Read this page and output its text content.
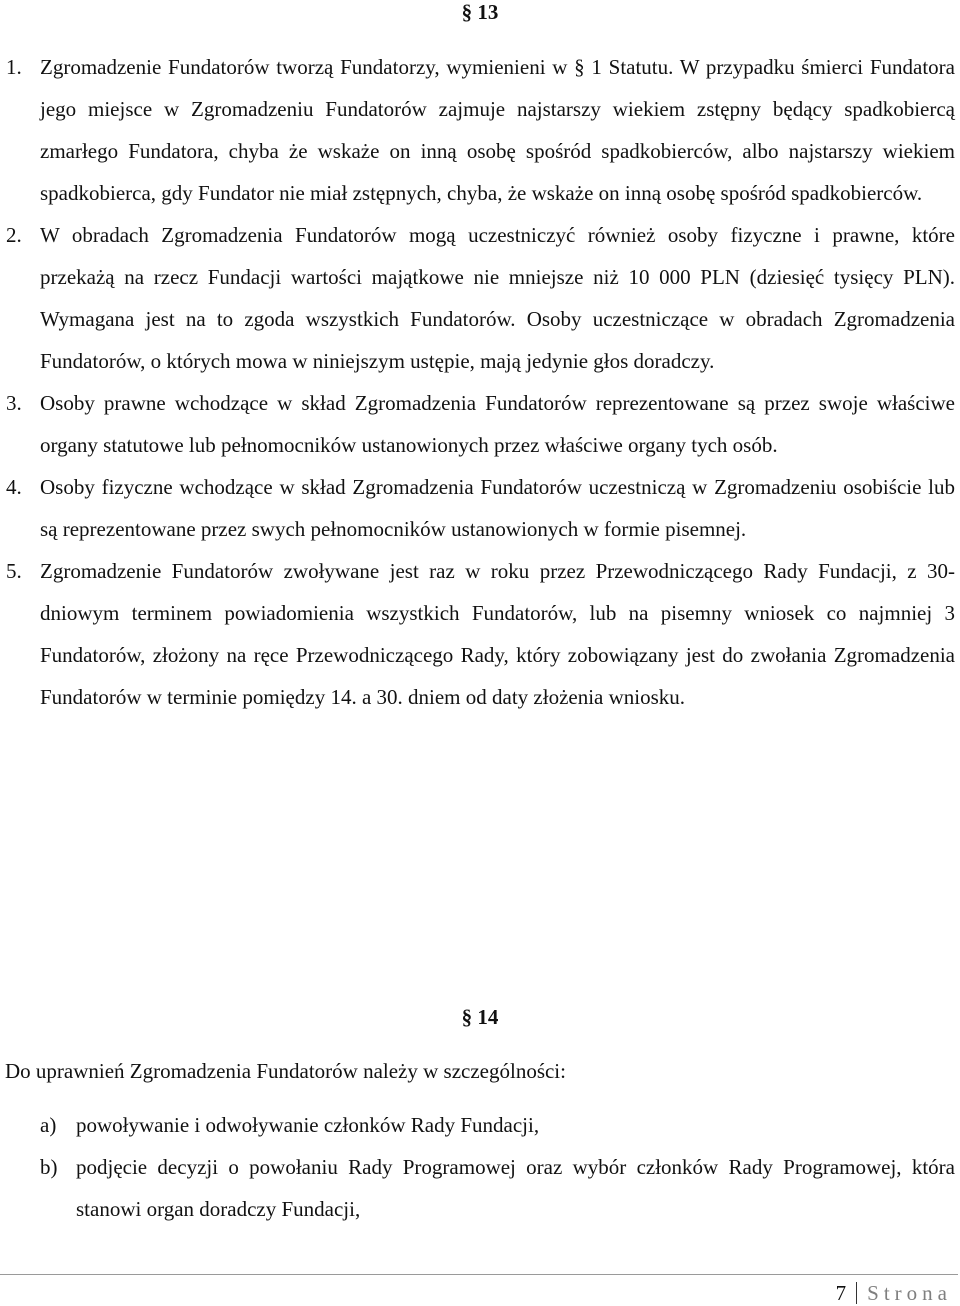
§ 13
1. Zgromadzenie Fundatorów tworzą Fundatorzy, wymienieni w § 1 Statutu. W przypadku śmierci Fundatora jego miejsce w Zgromadzeniu Fundatorów zajmuje najstarszy wiekiem zstępny będący spadkobiercą zmarłego Fundatora, chyba że wskaże on inną osobę spośród spadkobierców, albo najstarszy wiekiem spadkobierca, gdy Fundator nie miał zstępnych, chyba, że wskaże on inną osobę spośród spadkobierców.
2. W obradach Zgromadzenia Fundatorów mogą uczestniczyć również osoby fizyczne i prawne, które przekażą na rzecz Fundacji wartości majątkowe nie mniejsze niż 10 000 PLN (dziesięć tysięcy PLN). Wymagana jest na to zgoda wszystkich Fundatorów. Osoby uczestniczące w obradach Zgromadzenia Fundatorów, o których mowa w niniejszym ustępie, mają jedynie głos doradczy.
3. Osoby prawne wchodzące w skład Zgromadzenia Fundatorów reprezentowane są przez swoje właściwe organy statutowe lub pełnomocników ustanowionych przez właściwe organy tych osób.
4. Osoby fizyczne wchodzące w skład Zgromadzenia Fundatorów uczestniczą w Zgromadzeniu osobiście lub są reprezentowane przez swych pełnomocników ustanowionych w formie pisemnej.
5. Zgromadzenie Fundatorów zwoływane jest raz w roku przez Przewodniczącego Rady Fundacji, z 30-dniowym terminem powiadomienia wszystkich Fundatorów, lub na pisemny wniosek co najmniej 3 Fundatorów, złożony na ręce Przewodniczącego Rady, który zobowiązany jest do zwołania Zgromadzenia Fundatorów w terminie pomiędzy 14. a 30. dniem od daty złożenia wniosku.
§ 14
Do uprawnień Zgromadzenia Fundatorów należy w szczególności:
a) powoływanie i odwoływanie członków Rady Fundacji,
b) podjęcie decyzji o powołaniu Rady Programowej oraz wybór członków Rady Programowej, która stanowi organ doradczy Fundacji,
7 Strona
